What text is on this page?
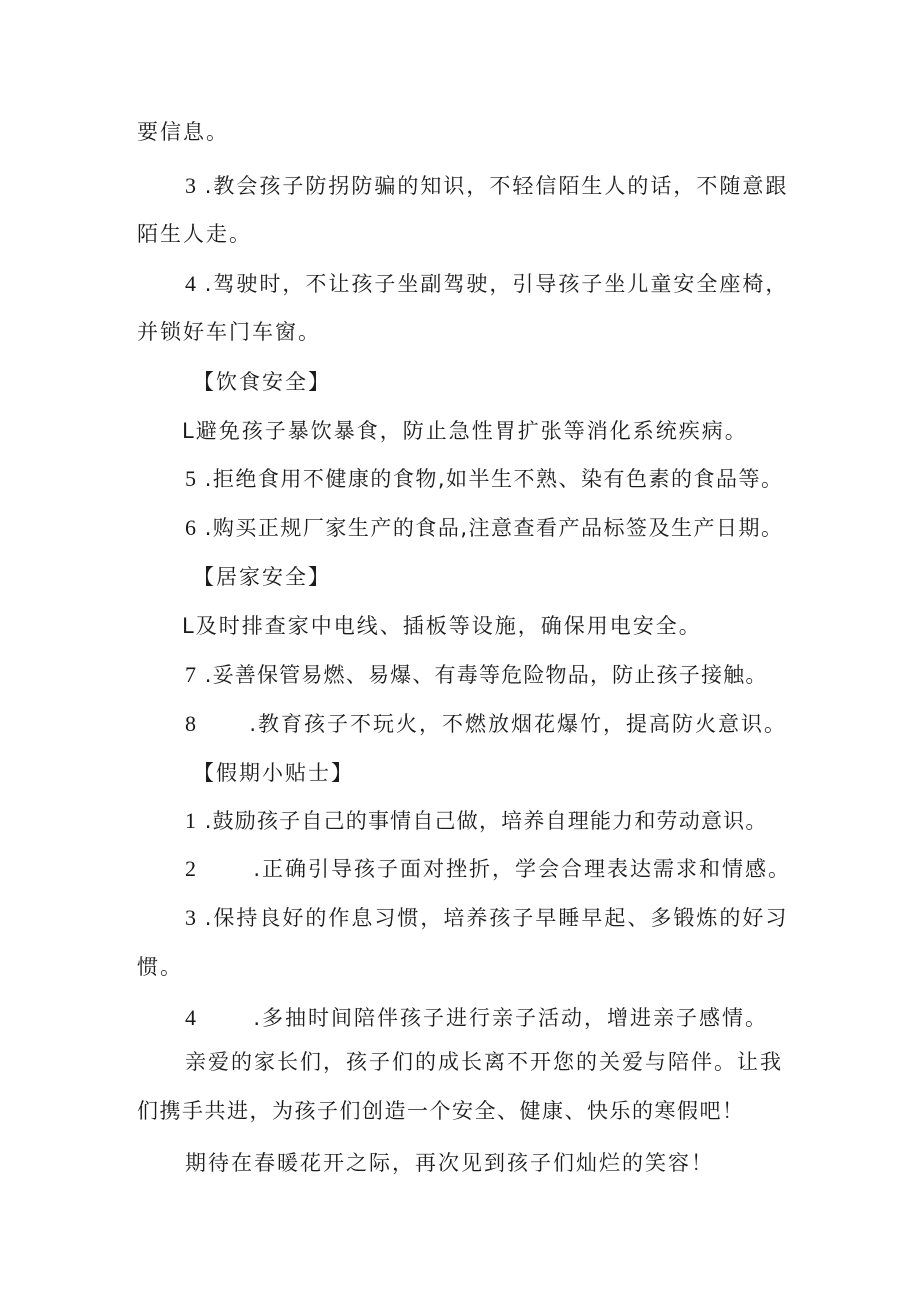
要信息。
3 .教会孩子防拐防骗的知识，不轻信陌生人的话，不随意跟
陌生人走。
4 .驾驶时，不让孩子坐副驾驶，引导孩子坐儿童安全座椅，
并锁好车门车窗。
【饮食安全】
L避免孩子暴饮暴食，防止急性胃扩张等消化系统疾病。
5 .拒绝食用不健康的食物,如半生不熟、染有色素的食品等。
6 .购买正规厂家生产的食品,注意查看产品标签及生产日期。
【居家安全】
L及时排查家中电线、插板等设施，确保用电安全。
7 .妥善保管易燃、易爆、有毒等危险物品，防止孩子接触。
8	.教育孩子不玩火，不燃放烟花爆竹，提高防火意识。
【假期小贴士】
1 .鼓励孩子自己的事情自己做，培养自理能力和劳动意识。
2	.正确引导孩子面对挫折，学会合理表达需求和情感。
3 .保持良好的作息习惯，培养孩子早睡早起、多锻炼的好习
惯。
4	.多抽时间陪伴孩子进行亲子活动，增进亲子感情。
亲爱的家长们，孩子们的成长离不开您的关爱与陪伴。让我
们携手共进，为孩子们创造一个安全、健康、快乐的寒假吧！
期待在春暖花开之际，再次见到孩子们灿烂的笑容！
